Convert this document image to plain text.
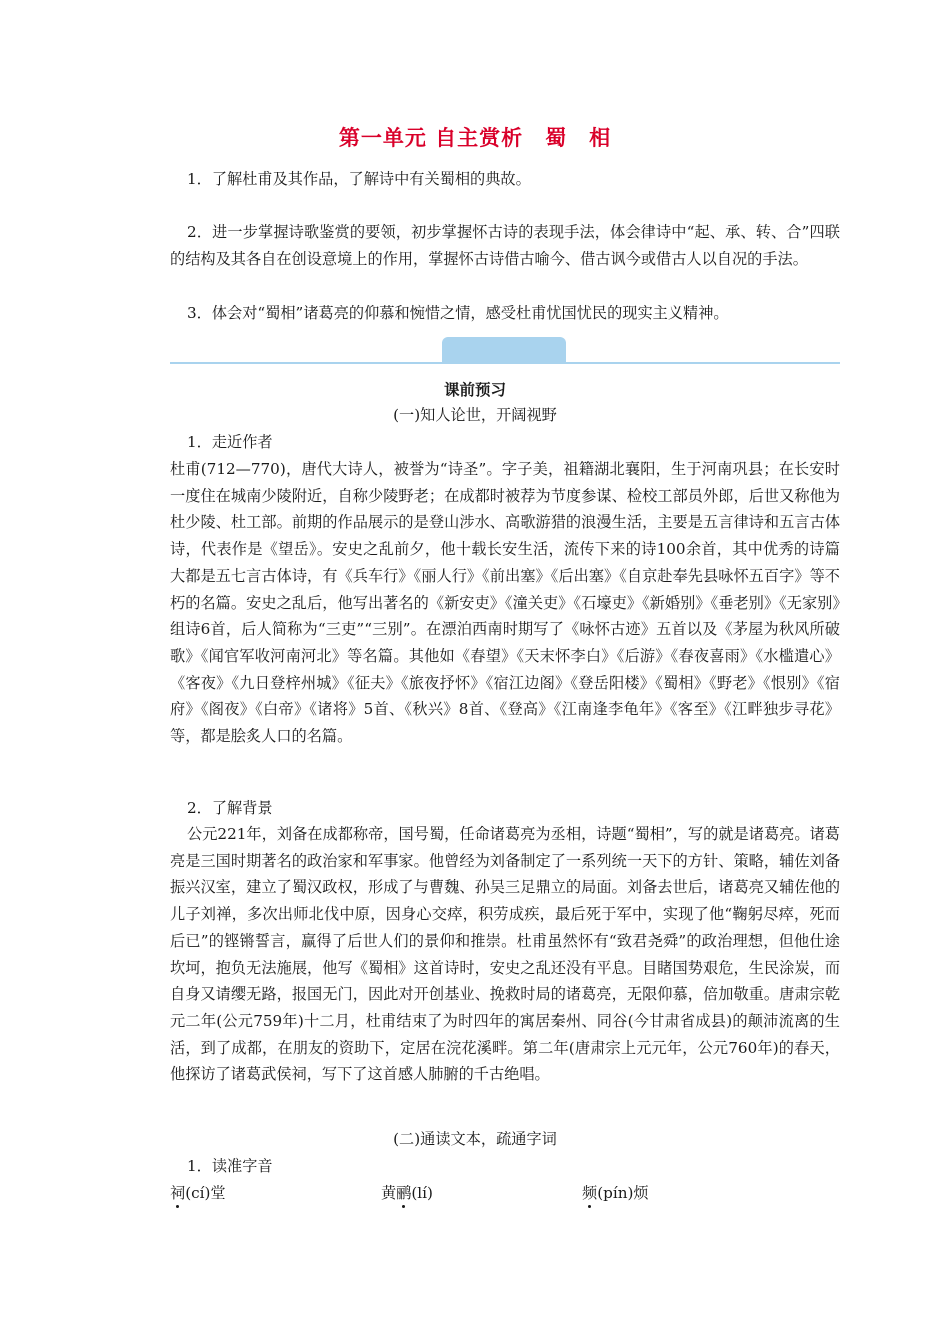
第一单元 自主赏析 蜀　相

1．了解杜甫及其作品，了解诗中有关蜀相的典故。

2．进一步掌握诗歌鉴赏的要领，初步掌握怀古诗的表现手法，体会律诗中“起、承、转、合”四联的结构及其各自在创设意境上的作用，掌握怀古诗借古喻今、借古讽今或借古人以自况的手法。

3．体会对“蜀相”诸葛亮的仰慕和惋惜之情，感受杜甫忧国忧民的现实主义精神。

课前预习
(一)知人论世，开阔视野
1．走近作者

杜甫(712—770)，唐代大诗人，被誉为“诗圣”。字子美，祖籍湖北襄阳，生于河南巩县；在长安时一度住在城南少陵附近，自称少陵野老；在成都时被荐为节度参谋、检校工部员外郎，后世又称他为杜少陵、杜工部。前期的作品展示的是登山涉水、高歌游猎的浪漫生活，主要是五言律诗和五言古体诗，代表作是《望岳》。安史之乱前夕，他十载长安生活，流传下来的诗100余首，其中优秀的诗篇大都是五七言古体诗，有《兵车行》《丽人行》《前出塞》《后出塞》《自京赴奉先县咏怀五百字》等不朽的名篇。安史之乱后，他写出著名的《新安吏》《潼关吏》《石壕吏》《新婚别》《垂老别》《无家别》组诗6首，后人简称为“三吏”“三别”。在漂泊西南时期写了《咏怀古迹》五首以及《茅屋为秋风所破歌》《闻官军收河南河北》等名篇。其他如《春望》《天末怀李白》《后游》《春夜喜雨》《水槛遣心》《客夜》《九日登梓州城》《征夫》《旅夜抒怀》《宿江边阁》《登岳阳楼》《蜀相》《野老》《恨别》《宿府》《阁夜》《白帝》《诸将》5首、《秋兴》8首、《登高》《江南逢李龟年》《客至》《江畔独步寻花》等，都是脍炙人口的名篇。

2．了解背景

公元221年，刘备在成都称帝，国号蜀，任命诸葛亮为丞相，诗题“蜀相”，写的就是诸葛亮。诸葛亮是三国时期著名的政治家和军事家。他曾经为刘备制定了一系列统一天下的方针、策略，辅佐刘备振兴汉室，建立了蜀汉政权，形成了与曹魏、孙吴三足鼎立的局面。刘备去世后，诸葛亮又辅佐他的儿子刘禅，多次出师北伐中原，因身心交瘁，积劳成疾，最后死于军中，实现了他“鞠躬尽瘁，死而后已”的铿锵誓言，赢得了后世人们的景仰和推崇。杜甫虽然怀有“致君尧舜”的政治理想，但他仕途坎坷，抱负无法施展，他写《蜀相》这首诗时，安史之乱还没有平息。目睹国势艰危，生民涂炭，而自身又请缨无路，报国无门，因此对开创基业、挽救时局的诸葛亮，无限仰慕，倍加敬重。唐肃宗乾元二年(公元759年)十二月，杜甫结束了为时四年的寓居秦州、同谷(今甘肃省成县)的颠沛流离的生活，到了成都，在朋友的资助下，定居在浣花溪畔。第二年(唐肃宗上元元年，公元760年)的春天，他探访了诸葛武侯祠，写下了这首感人肺腑的千古绝唱。

(二)通读文本，疏通字词
1．读准字音
祠(cí)堂	黄鹂(lí)	频(pín)烦
